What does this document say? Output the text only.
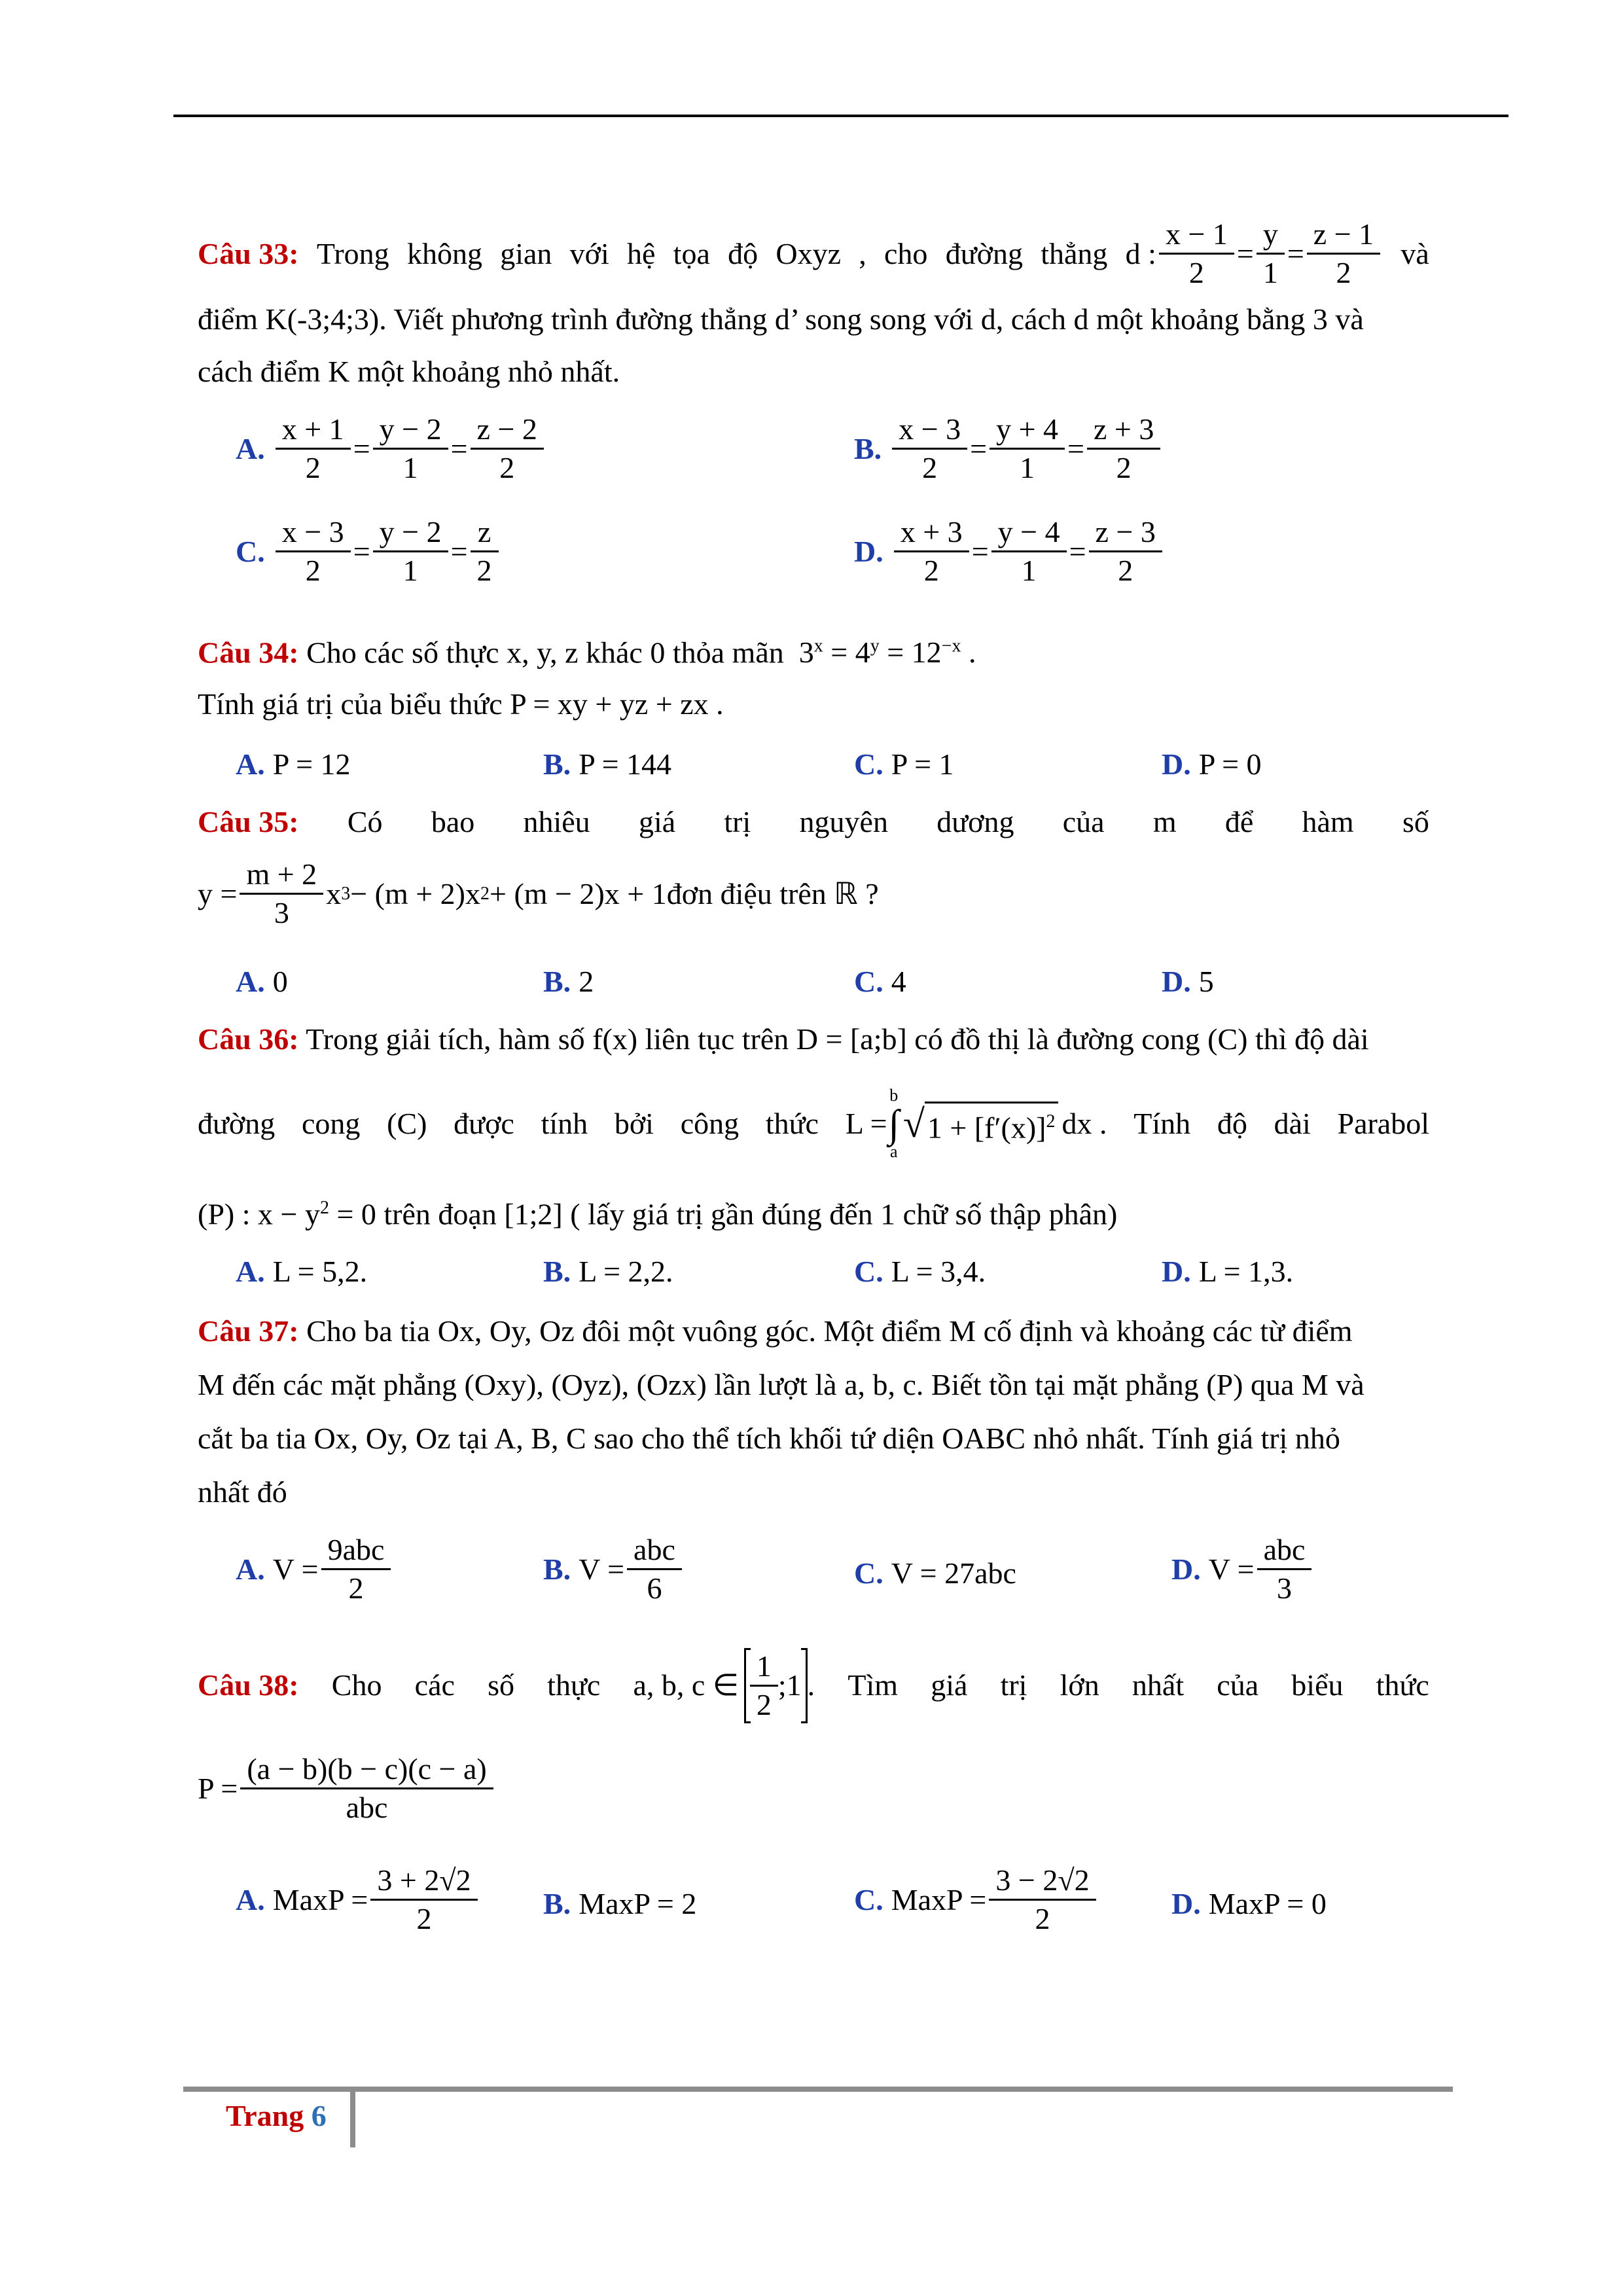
Câu 33: Trong không gian với hệ tọa độ Oxyz , cho đường thẳng d : $\frac{x - 1}{2} = \frac{y}{1} = \frac{z - 1}{2}$ và
điểm K(-3;4;3). Viết phương trình đường thẳng d’ song song với d, cách d một khoảng bằng 3 và
cách điểm K một khoảng nhỏ nhất.
A. $\frac{x + 1}{2} = \frac{y - 2}{1} = \frac{z - 2}{2}$	B. $\frac{x - 3}{2} = \frac{y + 4}{1} = \frac{z + 3}{2}$
C. $\frac{x - 3}{2} = \frac{y - 2}{1} = \frac{z}{2}$	D. $\frac{x + 3}{2} = \frac{y - 4}{1} = \frac{z - 3}{2}$
Câu 34: Cho các số thực x, y, z khác 0 thỏa mãn $3^x = 4^y = 12^{-x}$ .
Tính giá trị của biểu thức P = xy + yz + zx .
A. P = 12	B. P = 144	C. P = 1	D. P = 0
Câu 35: Có bao nhiêu giá trị nguyên dương của m để hàm số
$y = \frac{m + 2}{3}$ x 3 − (m + 2)x 2 + (m − 2)x + 1 đơn điệu trên ℝ ?
A. 0	B. 2	C. 4	D. 5
Câu 36: Trong giải tích, hàm số f(x) liên tục trên D = [a;b] có đồ thị là đường cong (C) thì độ dài
đường cong (C) được tính bởi công thức L =
b
∫
a
√ $1 + [f'(x)]^2$ dx . Tính độ dài Parabol
(P) : $x - y^2 = 0$ trên đoạn [1;2] ( lấy giá trị gần đúng đến 1 chữ số thập phân)
A. L = 5,2.	B. L = 2,2.	C. L = 3,4.	D. L = 1,3.
Câu 37: Cho ba tia Ox, Oy, Oz đôi một vuông góc. Một điểm M cố định và khoảng các từ điểm
M đến các mặt phẳng (Oxy), (Oyz), (Ozx) lần lượt là a, b, c. Biết tồn tại mặt phẳng (P) qua M và
cắt ba tia Ox, Oy, Oz tại A, B, C sao cho thể tích khối tứ diện OABC nhỏ nhất. Tính giá trị nhỏ
nhất đó
A. $V = \frac{\text{9abc}}{2}$	B. $V = \frac{\text{abc}}{6}$	C. V = 27abc	D. $V = \frac{\text{abc}}{3}$
Câu 38: Cho các số thực a, b, c ∈ $\frac{1}{2}$ ;1 . Tìm giá trị lớn nhất của biểu thức
$P = \frac{(a - b)(b - c)(c - a)}{\text{abc}}$
A. MaxP = $\frac{3 + 2√2}{2} B$. MaxP = 2	C. MaxP = $\frac{3 - 2√2}{2}$	D. MaxP = 0
Trang 6
